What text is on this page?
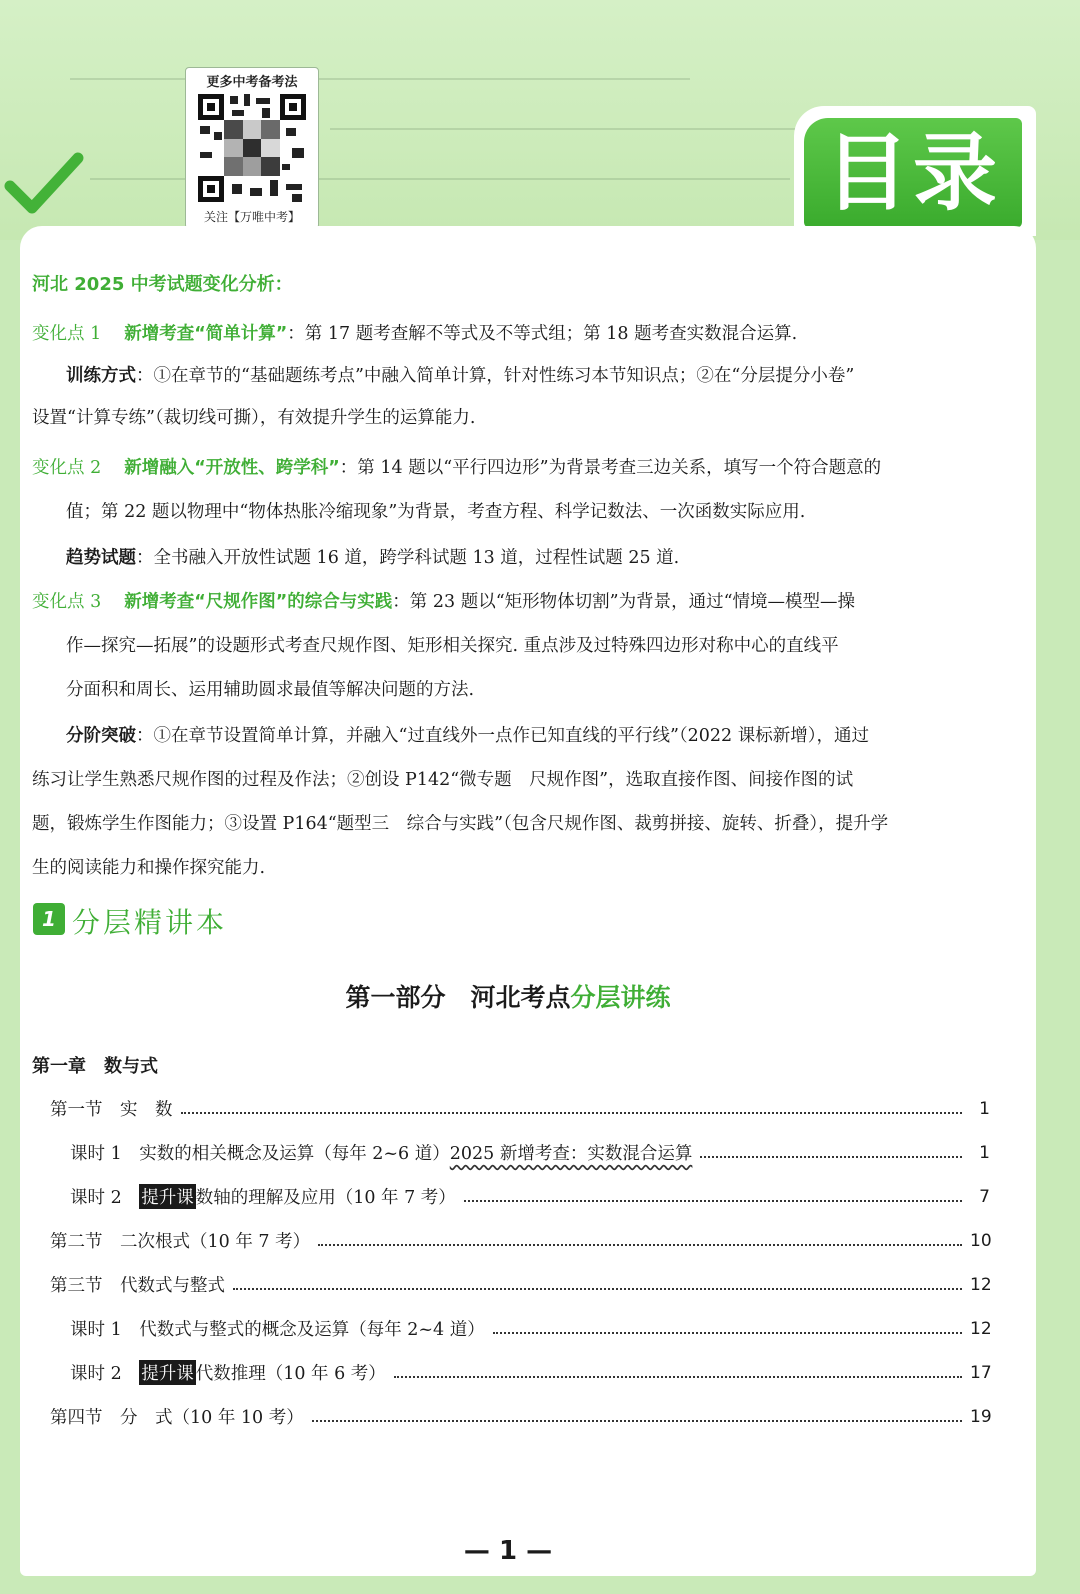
更多中考备考法
关注【万唯中考】	目录
河北 2025 中考试题变化分析：
变化点 1　 新增考查“简单计算”：第 17 题考查解不等式及不等式组；第 18 题考查实数混合运算.
训练方式：①在章节的“基础题练考点”中融入简单计算，针对性练习本节知识点；②在“分层提分小卷”
设置“计算专练”（裁切线可撕），有效提升学生的运算能力.
变化点 2　 新增融入“开放性、跨学科”：第 14 题以“平行四边形”为背景考查三边关系，填写一个符合题意的
值；第 22 题以物理中“物体热胀冷缩现象”为背景，考查方程、科学记数法、一次函数实际应用.
趋势试题：全书融入开放性试题 16 道，跨学科试题 13 道，过程性试题 25 道.
变化点 3　 新增考查“尺规作图”的综合与实践：第 23 题以“矩形物体切割”为背景，通过“情境—模型—操
作—探究—拓展”的设题形式考查尺规作图、矩形相关探究. 重点涉及过特殊四边形对称中心的直线平
分面积和周长、运用辅助圆求最值等解决问题的方法.
分阶突破：①在章节设置简单计算，并融入“过直线外一点作已知直线的平行线”（2022 课标新增），通过
练习让学生熟悉尺规作图的过程及作法；②创设 P142“微专题　尺规作图”，选取直接作图、间接作图的试
题，锻炼学生作图能力；③设置 P164“题型三　综合与实践”（包含尺规作图、裁剪拼接、旋转、折叠），提升学
生的阅读能力和操作探究能力.
1 分层精讲本
第一部分　河北考点分层讲练
第一章　数与式
第一节　实　数	1
课时 1　实数的相关概念及运算（每年 2~6 道） 2025 新增考查：实数混合运算	1
课时 2　 提升课 数轴的理解及应用（10 年 7 考）	7
第二节　二次根式（10 年 7 考）	10
第三节　代数式与整式	12
课时 1　代数式与整式的概念及运算（每年 2~4 道）	12
课时 2　 提升课 代数推理（10 年 6 考）	17
第四节　分　式（10 年 10 考）	19
— 1 —
